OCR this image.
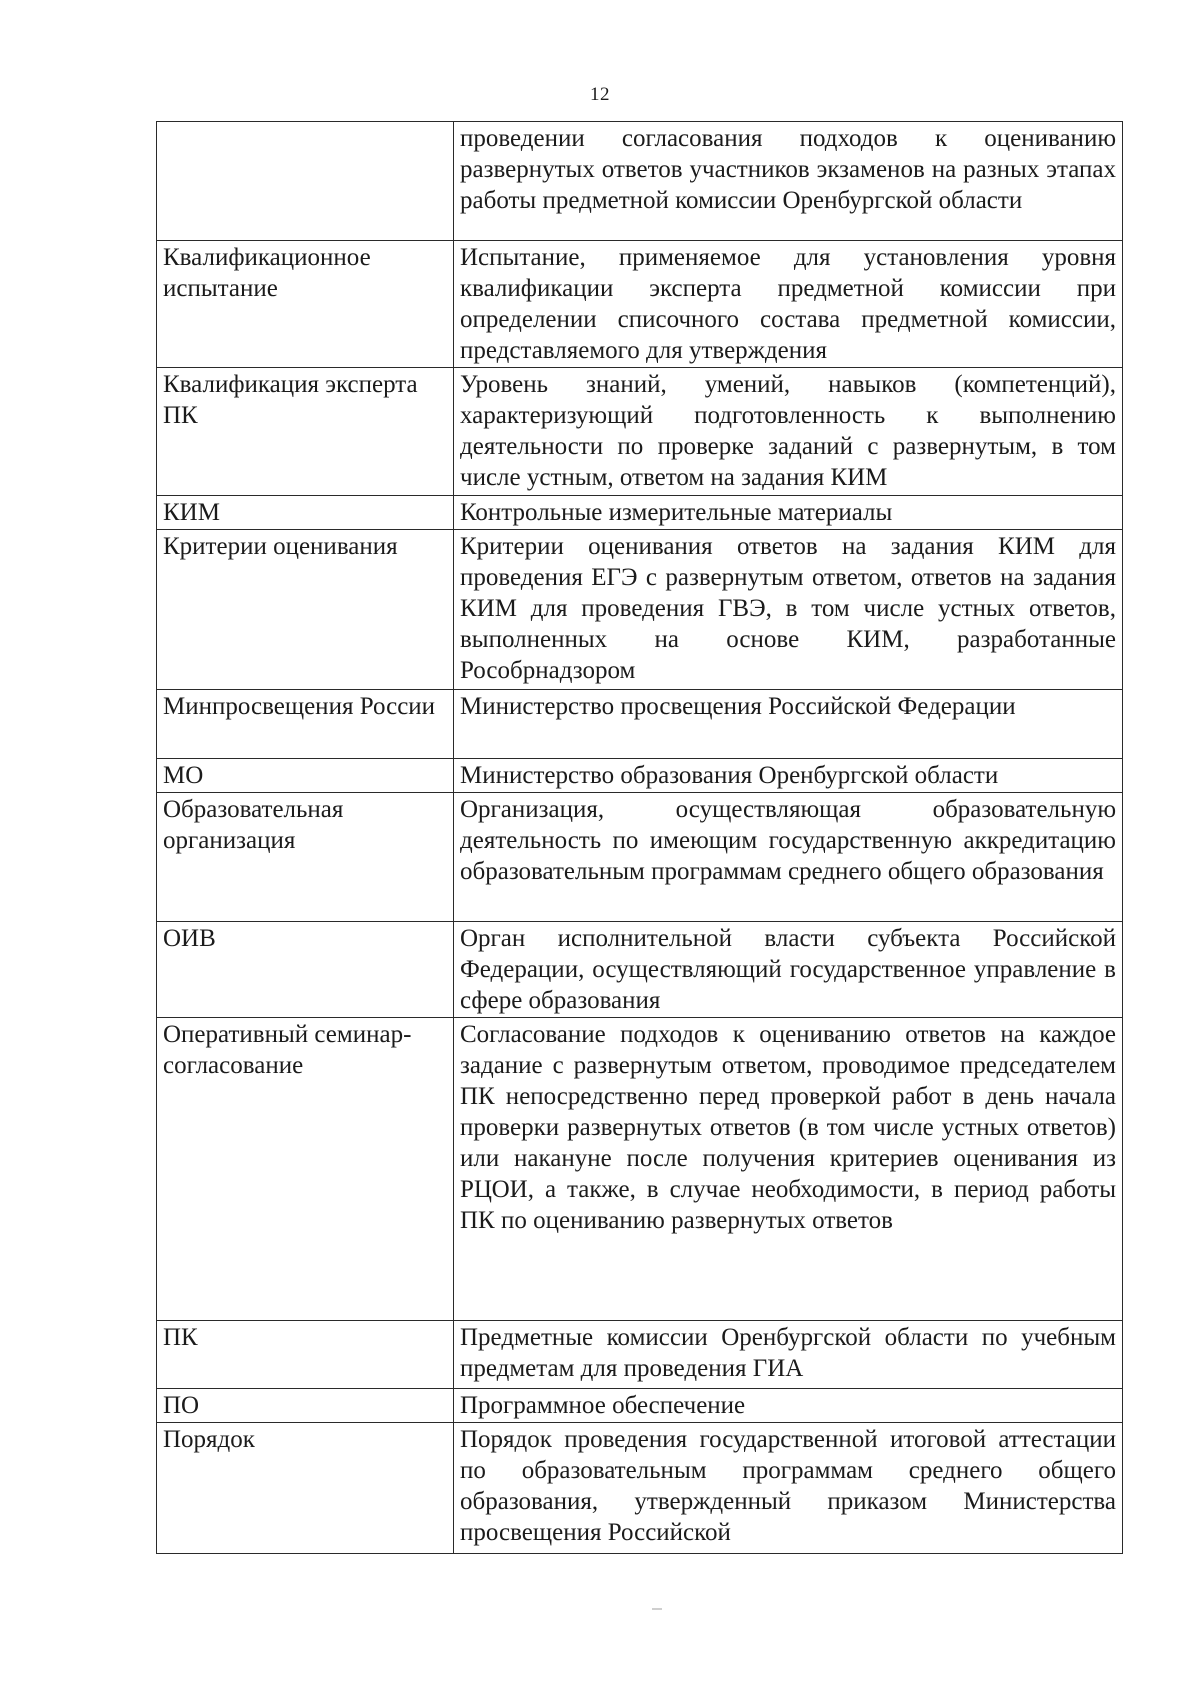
12
	проведении согласования подходов к оцениванию развернутых ответов участников экзаменов на разных этапах работы предметной комиссии Оренбургской области
Квалификационное испытание	Испытание, применяемое для установления уровня квалификации эксперта предметной комиссии при определении списочного состава предметной комиссии, представляемого для утверждения
Квалификация эксперта ПК	Уровень знаний, умений, навыков (компетенций), характеризующий подготовленность к выполнению деятельности по проверке заданий с развернутым, в том числе устным, ответом на задания КИМ
КИМ	Контрольные измерительные материалы
Критерии оценивания	Критерии оценивания ответов на задания КИМ для проведения ЕГЭ с развернутым ответом, ответов на задания КИМ для проведения ГВЭ, в том числе устных ответов, выполненных на основе КИМ, разработанные Рособрнадзором
Минпросвещения России	Министерство просвещения Российской Федерации
МО	Министерство образования Оренбургской области
Образовательная организация	Организация, осуществляющая образовательную деятельность по имеющим государственную аккредитацию образовательным программам среднего общего образования
ОИВ	Орган исполнительной власти субъекта Российской Федерации, осуществляющий государственное управление в сфере образования
Оперативный семинар-согласование	Согласование подходов к оцениванию ответов на каждое задание с развернутым ответом, проводимое председателем ПК непосредственно перед проверкой работ в день начала проверки развернутых ответов (в том числе устных ответов) или накануне после получения критериев оценивания из РЦОИ, а также, в случае необходимости, в период работы ПК по оцениванию развернутых ответов
ПК	Предметные комиссии Оренбургской области по учебным предметам для проведения ГИА
ПО	Программное обеспечение
Порядок	Порядок проведения государственной итоговой аттестации по образовательным программам среднего общего образования, утвержденный приказом Министерства просвещения Российской
